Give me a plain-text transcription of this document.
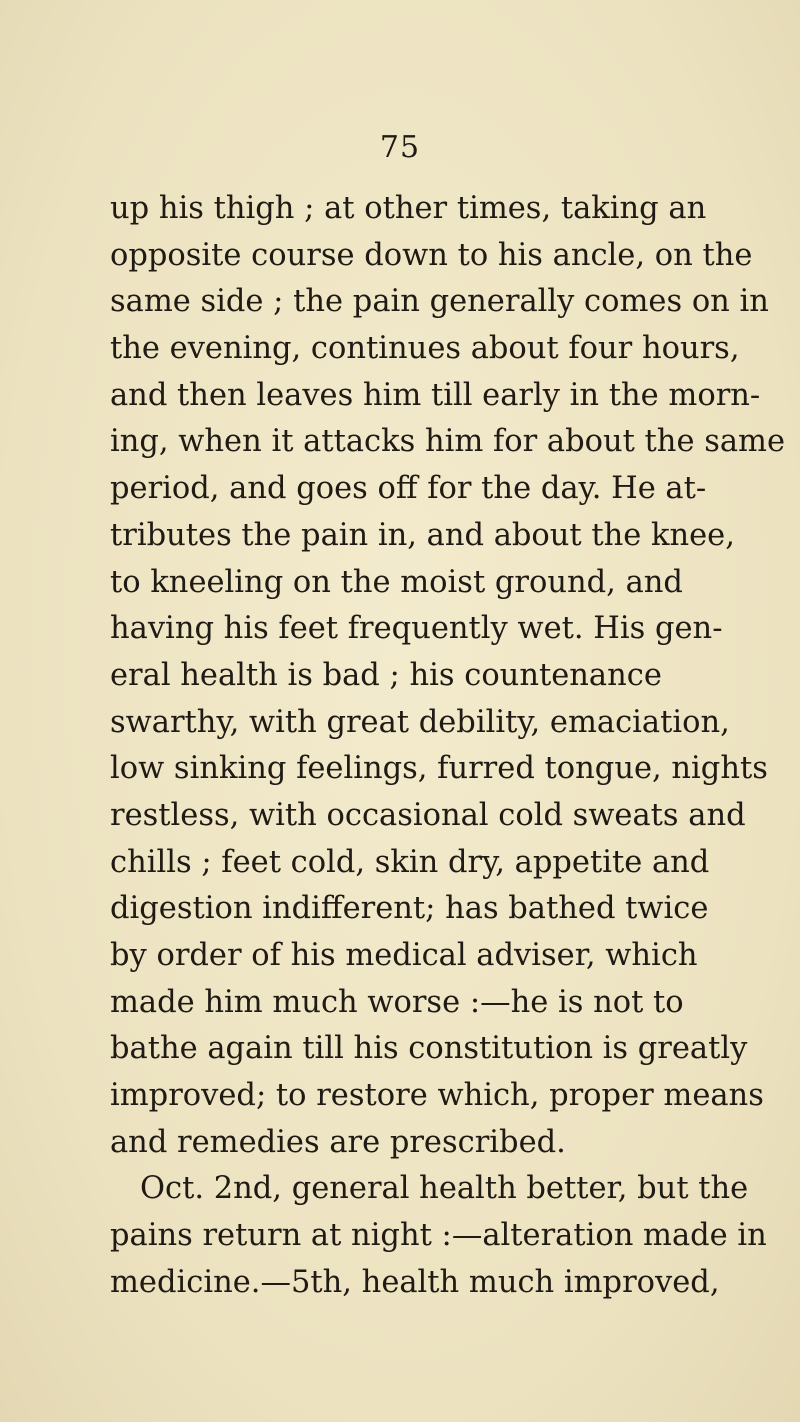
75
up his thigh ; at other times, taking an
opposite course down to his ancle, on the
same side ; the pain generally comes on in
the evening, continues about four hours,
and then leaves him till early in the morn-
ing, when it attacks him for about the same
period, and goes off for the day. He at-
tributes the pain in, and about the knee,
to kneeling on the moist ground, and
having his feet frequently wet. His gen-
eral health is bad ; his countenance
swarthy, with great debility, emaciation,
low sinking feelings, furred tongue, nights
restless, with occasional cold sweats and
chills ; feet cold, skin dry, appetite and
digestion indifferent; has bathed twice
by order of his medical adviser, which
made him much worse :—he is not to
bathe again till his constitution is greatly
improved; to restore which, proper means
and remedies are prescribed.
Oct. 2nd, general health better, but the
pains return at night :—alteration made in
medicine.—5th, health much improved,
